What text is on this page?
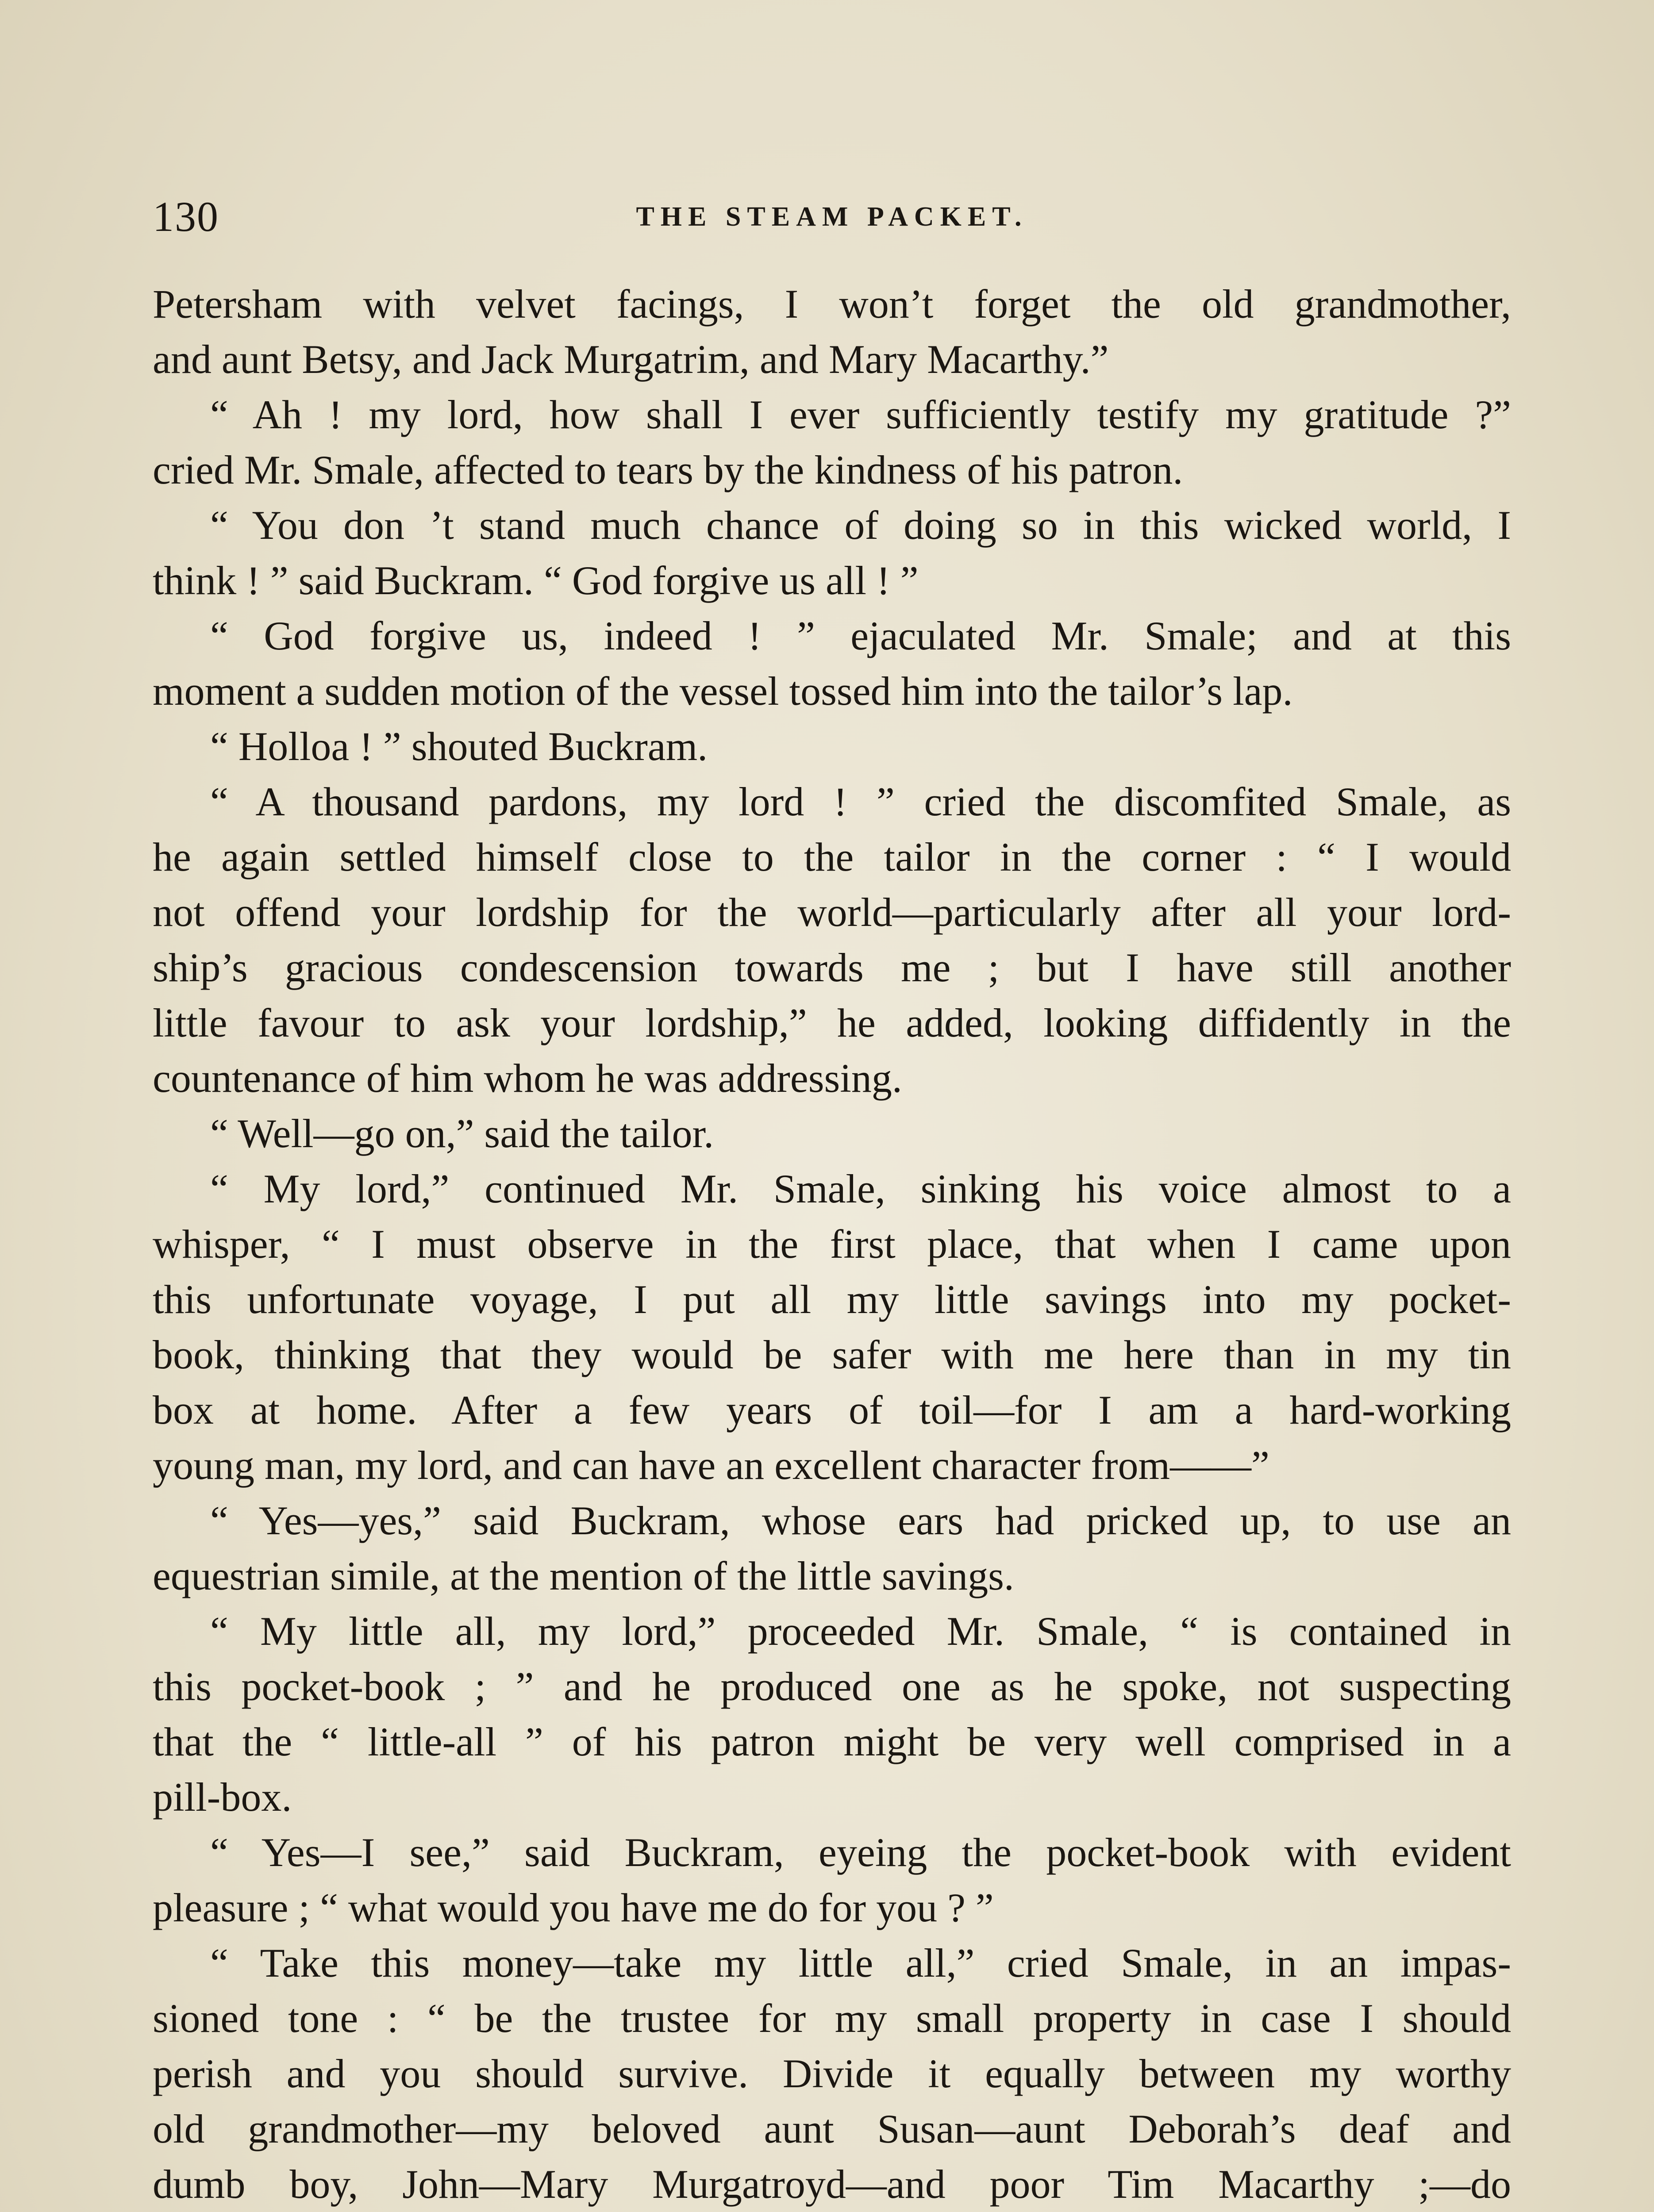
130	THE STEAM PACKET.
Petersham with velvet facings, I won’t forget the old grandmother,
and aunt Betsy, and Jack Murgatrim, and Mary Macarthy.”
“ Ah ! my lord, how shall I ever sufficiently testify my gratitude ?”
cried Mr. Smale, affected to tears by the kindness of his patron.
“ You don ’t stand much chance of doing so in this wicked world, I
think ! ” said Buckram. “ God forgive us all ! ”
“ God forgive us, indeed ! ” ejaculated Mr. Smale; and at this
moment a sudden motion of the vessel tossed him into the tailor’s lap.
“ Holloa ! ” shouted Buckram.
“ A thousand pardons, my lord ! ” cried the discomfited Smale, as
he again settled himself close to the tailor in the corner : “ I would
not offend your lordship for the world—particularly after all your lord-
ship’s gracious condescension towards me ; but I have still another
little favour to ask your lordship,” he added, looking diffidently in the
countenance of him whom he was addressing.
“ Well—go on,” said the tailor.
“ My lord,” continued Mr. Smale, sinking his voice almost to a
whisper, “ I must observe in the first place, that when I came upon
this unfortunate voyage, I put all my little savings into my pocket-
book, thinking that they would be safer with me here than in my tin
box at home. After a few years of toil—for I am a hard-working
young man, my lord, and can have an excellent character from——”
“ Yes—yes,” said Buckram, whose ears had pricked up, to use an
equestrian simile, at the mention of the little savings.
“ My little all, my lord,” proceeded Mr. Smale, “ is contained in
this pocket-book ; ” and he produced one as he spoke, not suspecting
that the “ little-all ” of his patron might be very well comprised in a
pill-box.
“ Yes—I see,” said Buckram, eyeing the pocket-book with evident
pleasure ; “ what would you have me do for you ? ”
“ Take this money—take my little all,” cried Smale, in an impas-
sioned tone : “ be the trustee for my small property in case I should
perish and you should survive. Divide it equally between my worthy
old grandmother—my beloved aunt Susan—aunt Deborah’s deaf and
dumb boy, John—Mary Murgatroyd—and poor Tim Macarthy ;—do
